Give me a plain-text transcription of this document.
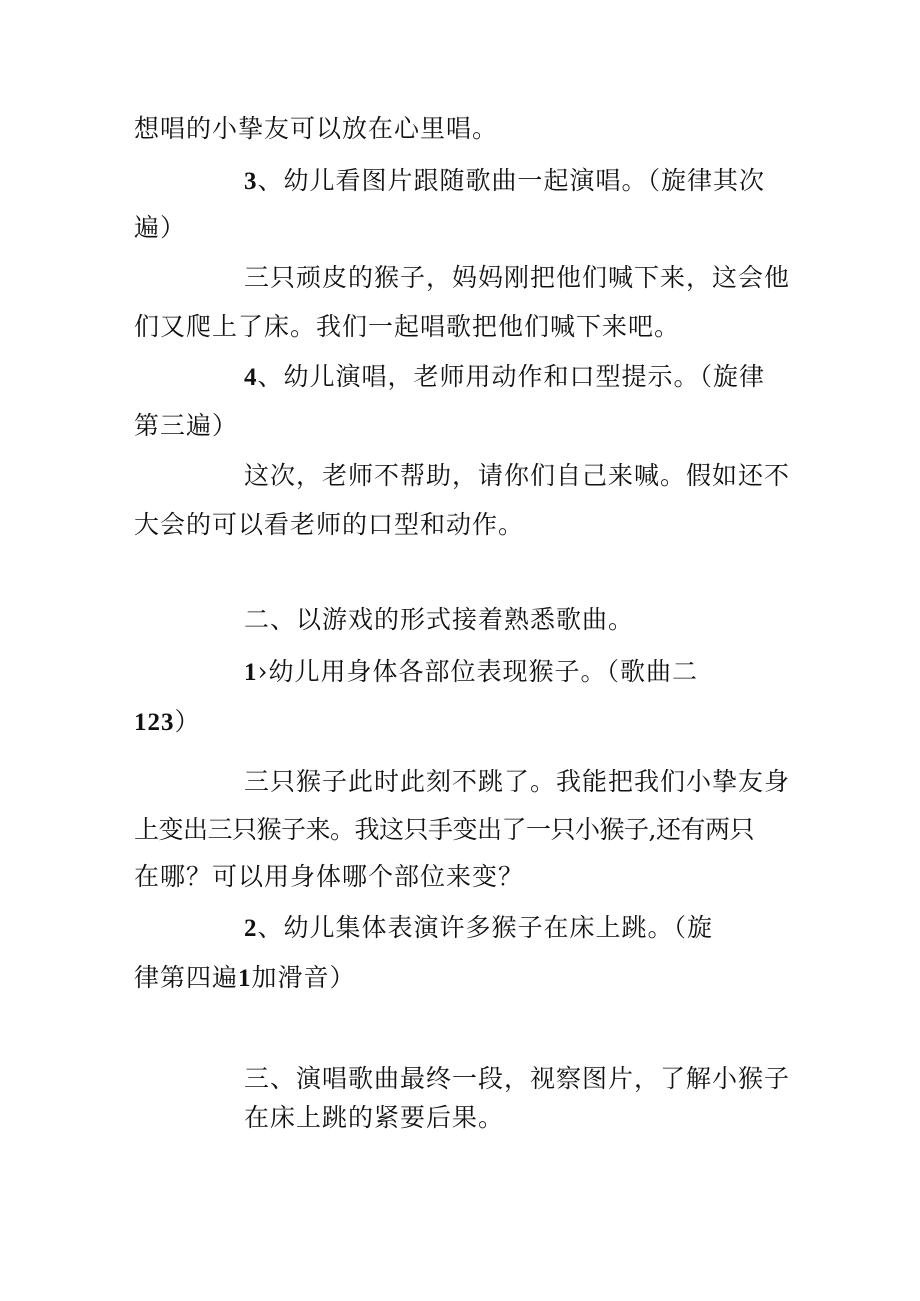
想唱的小挚友可以放在心里唱。
3、幼儿看图片跟随歌曲一起演唱。（旋律其次
遍）
三只顽皮的猴子，妈妈刚把他们喊下来，这会他
们又爬上了床。我们一起唱歌把他们喊下来吧。
4、幼儿演唱，老师用动作和口型提示。（旋律
第三遍）
这次，老师不帮助，请你们自己来喊。假如还不
大会的可以看老师的口型和动作。
二、以游戏的形式接着熟悉歌曲。
1›幼儿用身体各部位表现猴子。（歌曲二
123）
三只猴子此时此刻不跳了。我能把我们小挚友身
上变出三只猴子来。我这只手变出了一只小猴子,还有两只
在哪？可以用身体哪个部位来变？
2、幼儿集体表演许多猴子在床上跳。（旋
律第四遍1加滑音）
三、演唱歌曲最终一段，视察图片，了解小猴子
在床上跳的紧要后果。
